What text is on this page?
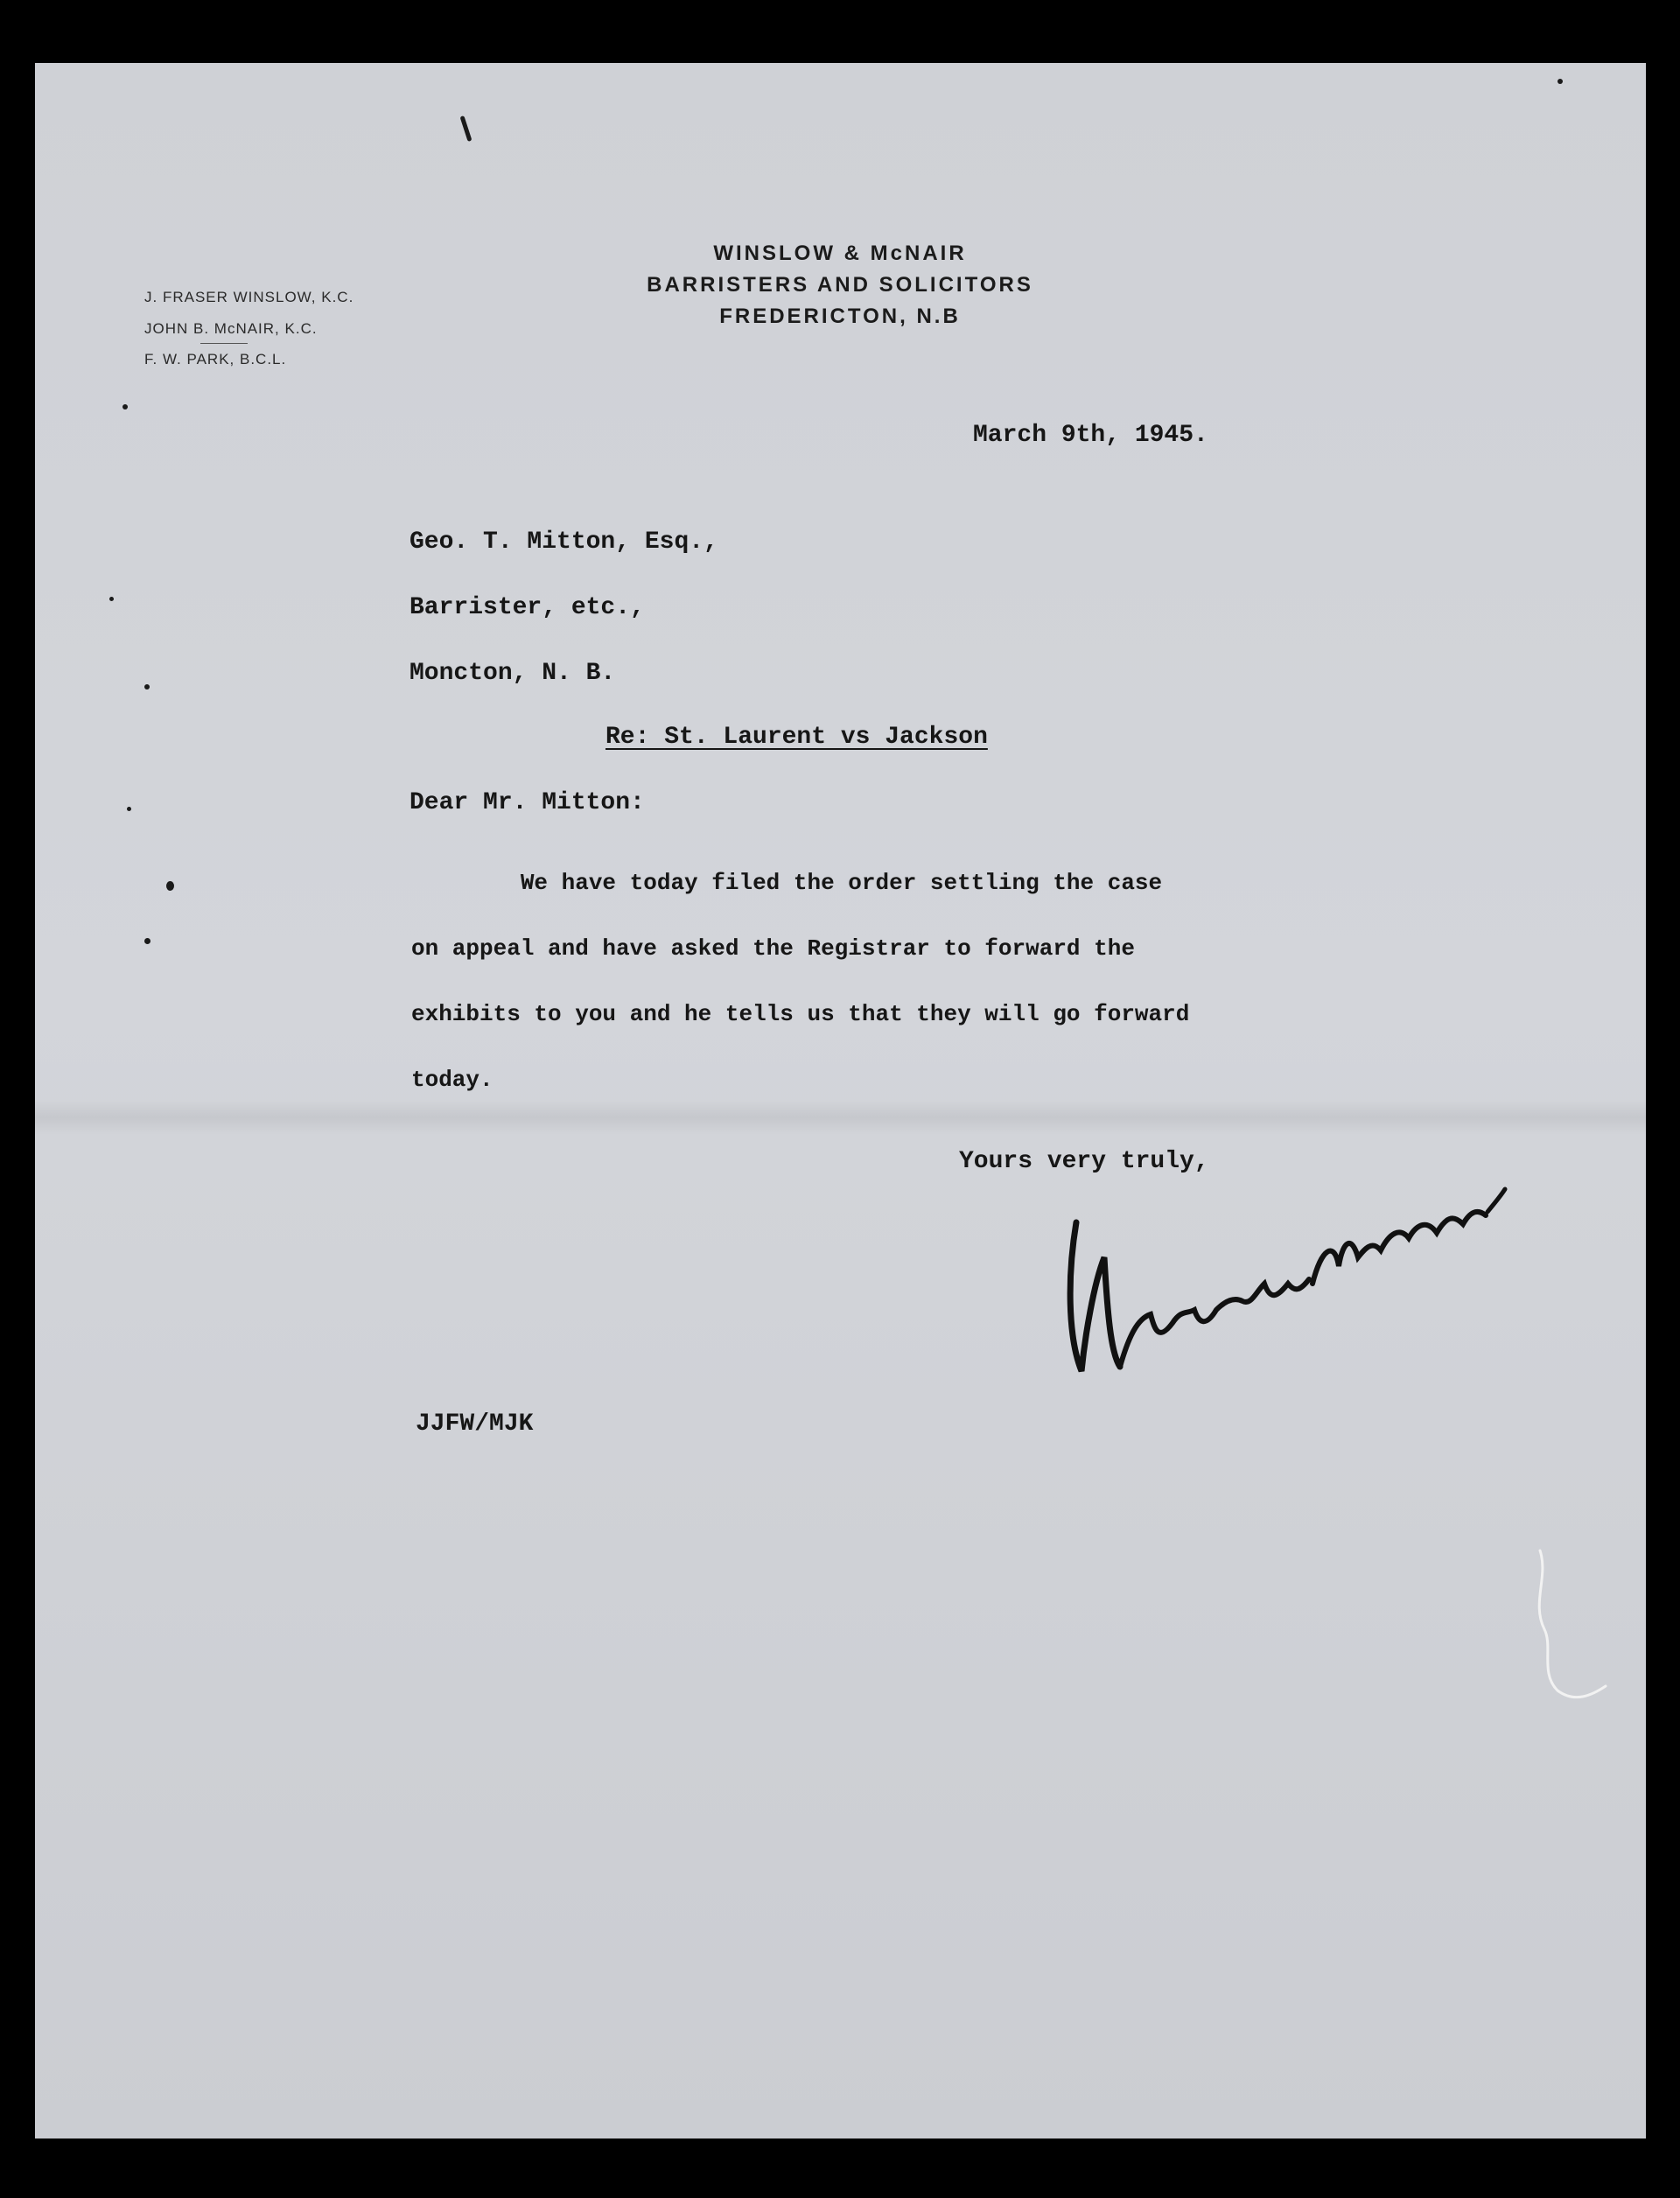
WINSLOW & McNAIR
BARRISTERS AND SOLICITORS
FREDERICTON, N.B
J. FRASER WINSLOW, K.C.
JOHN B. McNAIR, K.C.
F. W. PARK, B.C.L.
March 9th, 1945.
Geo. T. Mitton, Esq.,
Barrister, etc.,
Moncton, N. B.
Re: St. Laurent vs Jackson
Dear Mr. Mitton:

We have today filed the order settling the case

on appeal and have asked the Registrar to forward the

exhibits to you and he tells us that they will go forward

today.

Yours very truly,
JJFW/MJK
